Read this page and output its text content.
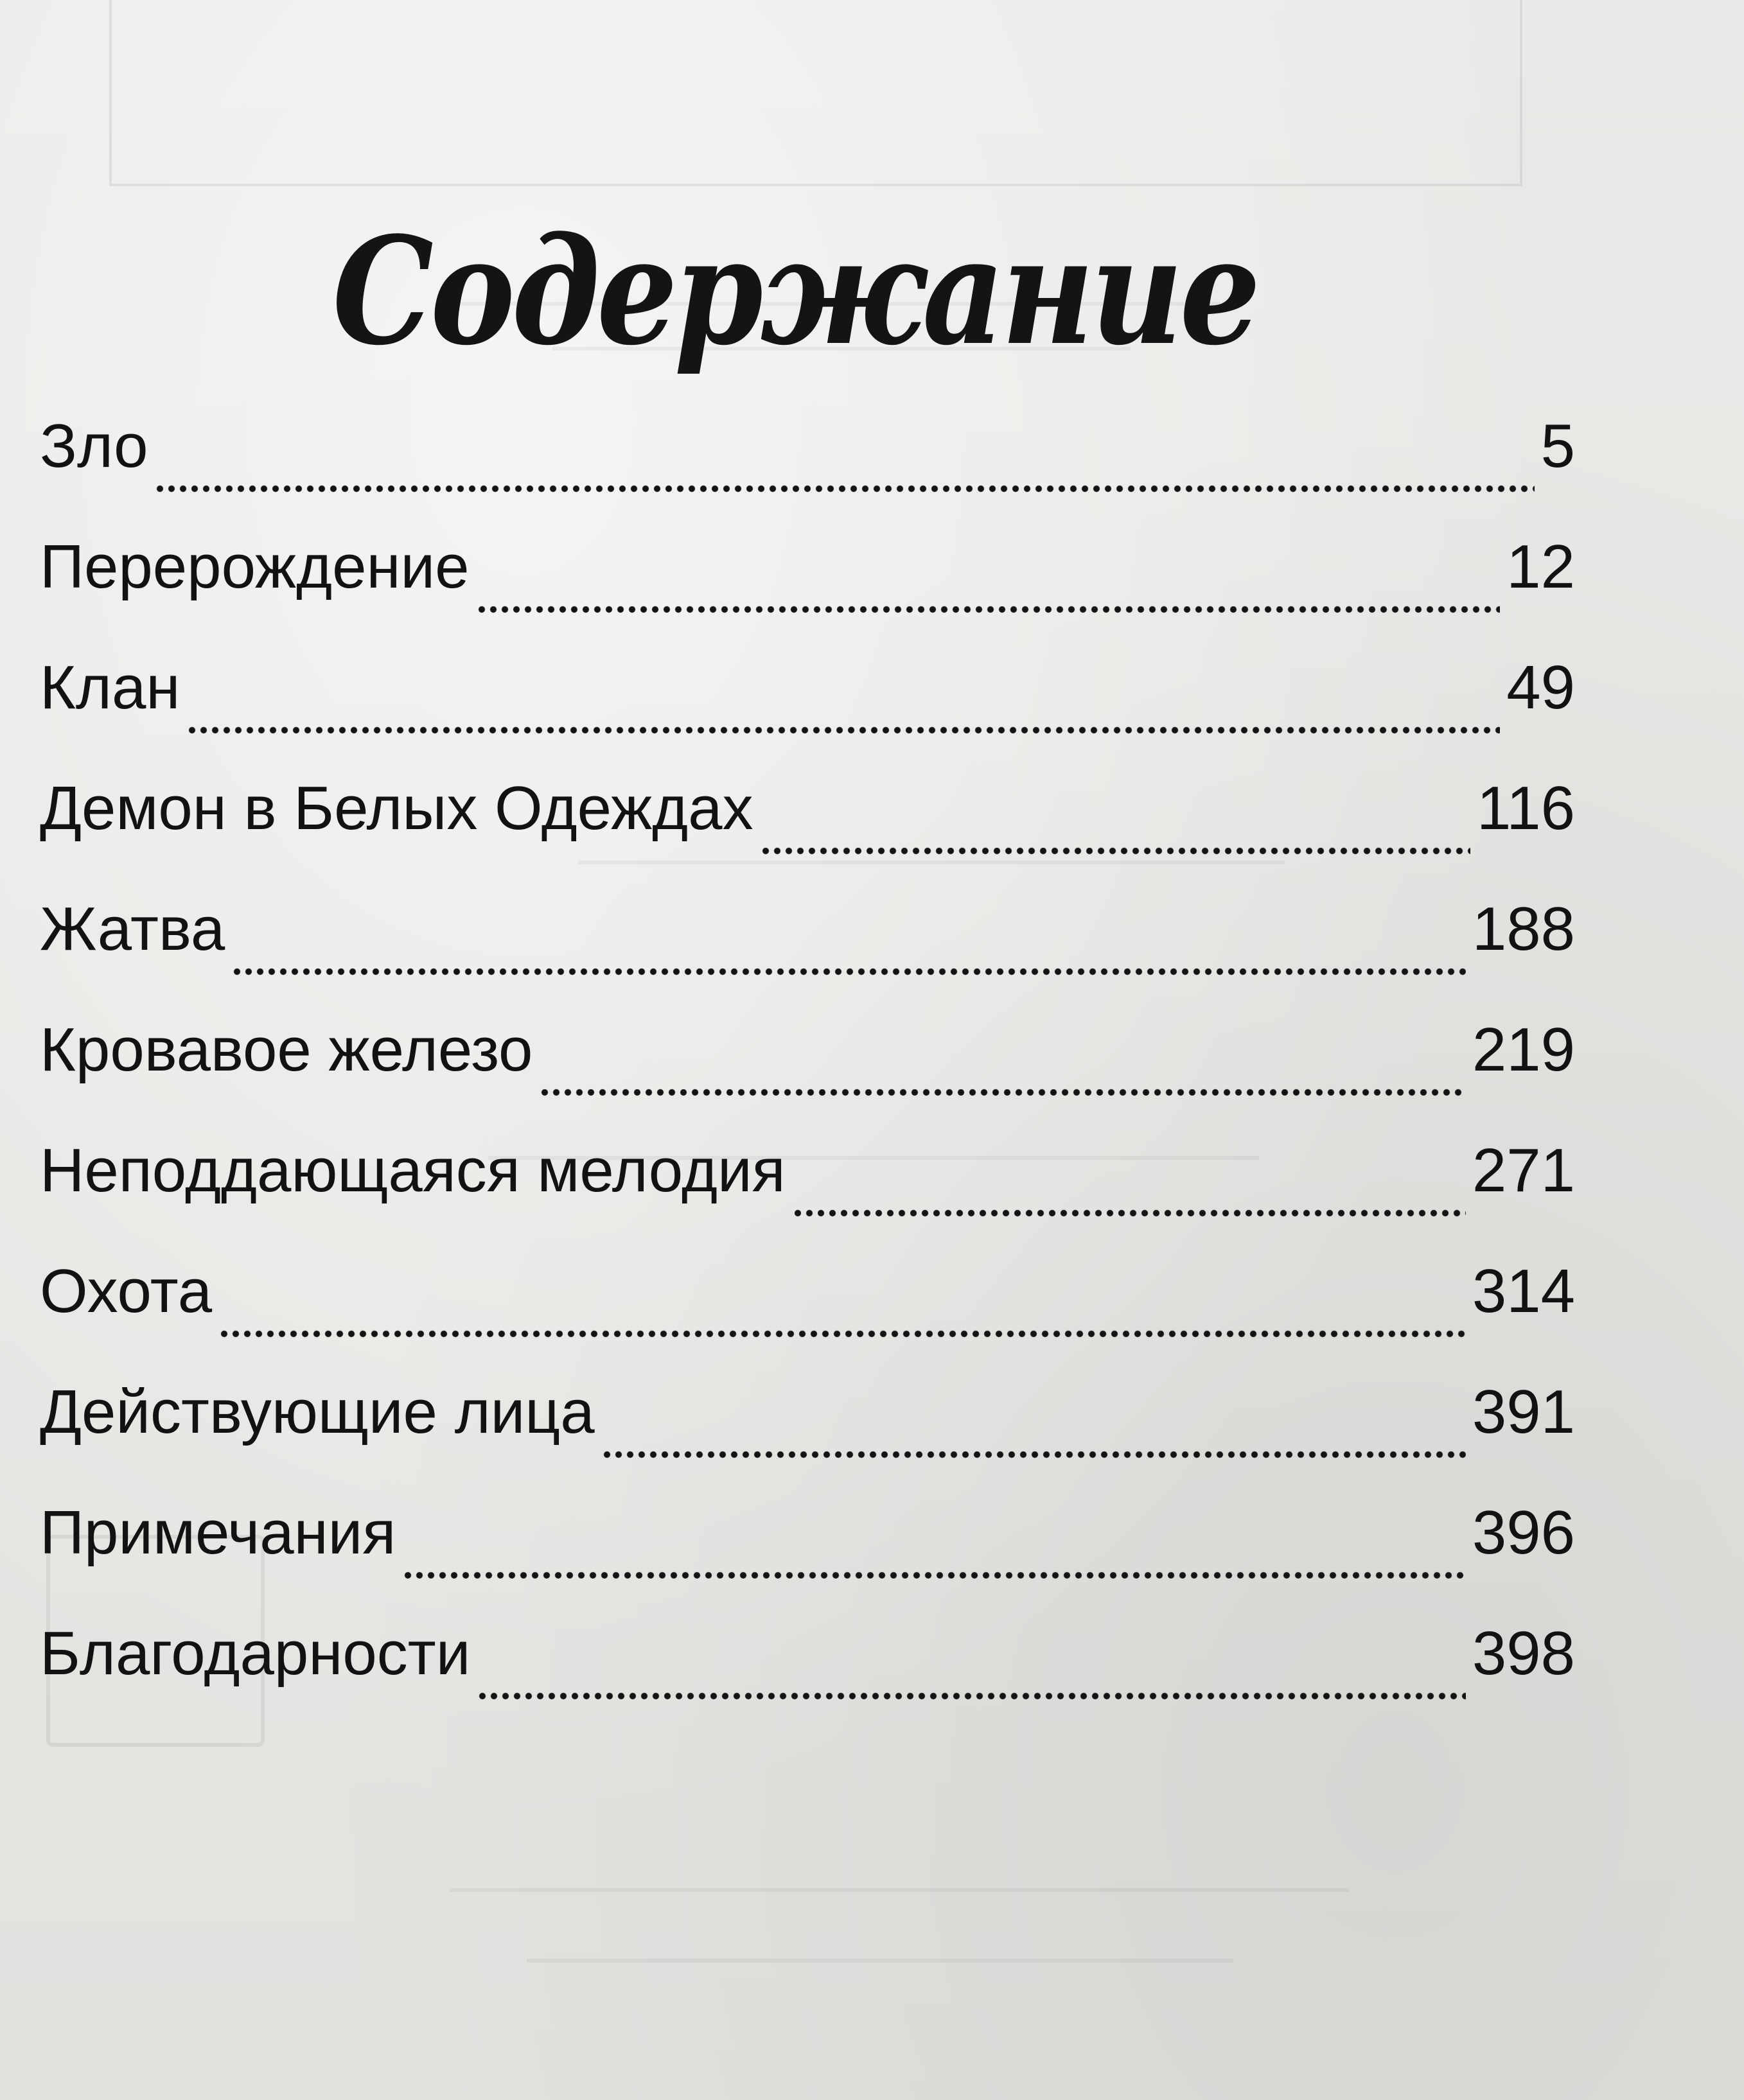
Содержание
Зло	5
Перерождение	12
Клан	49
Демон в Белых Одеждах	116
Жатва	188
Кровавое железо	219
Неподдающаяся мелодия	271
Охота	314
Действующие лица	391
Примечания	396
Благодарности	398
